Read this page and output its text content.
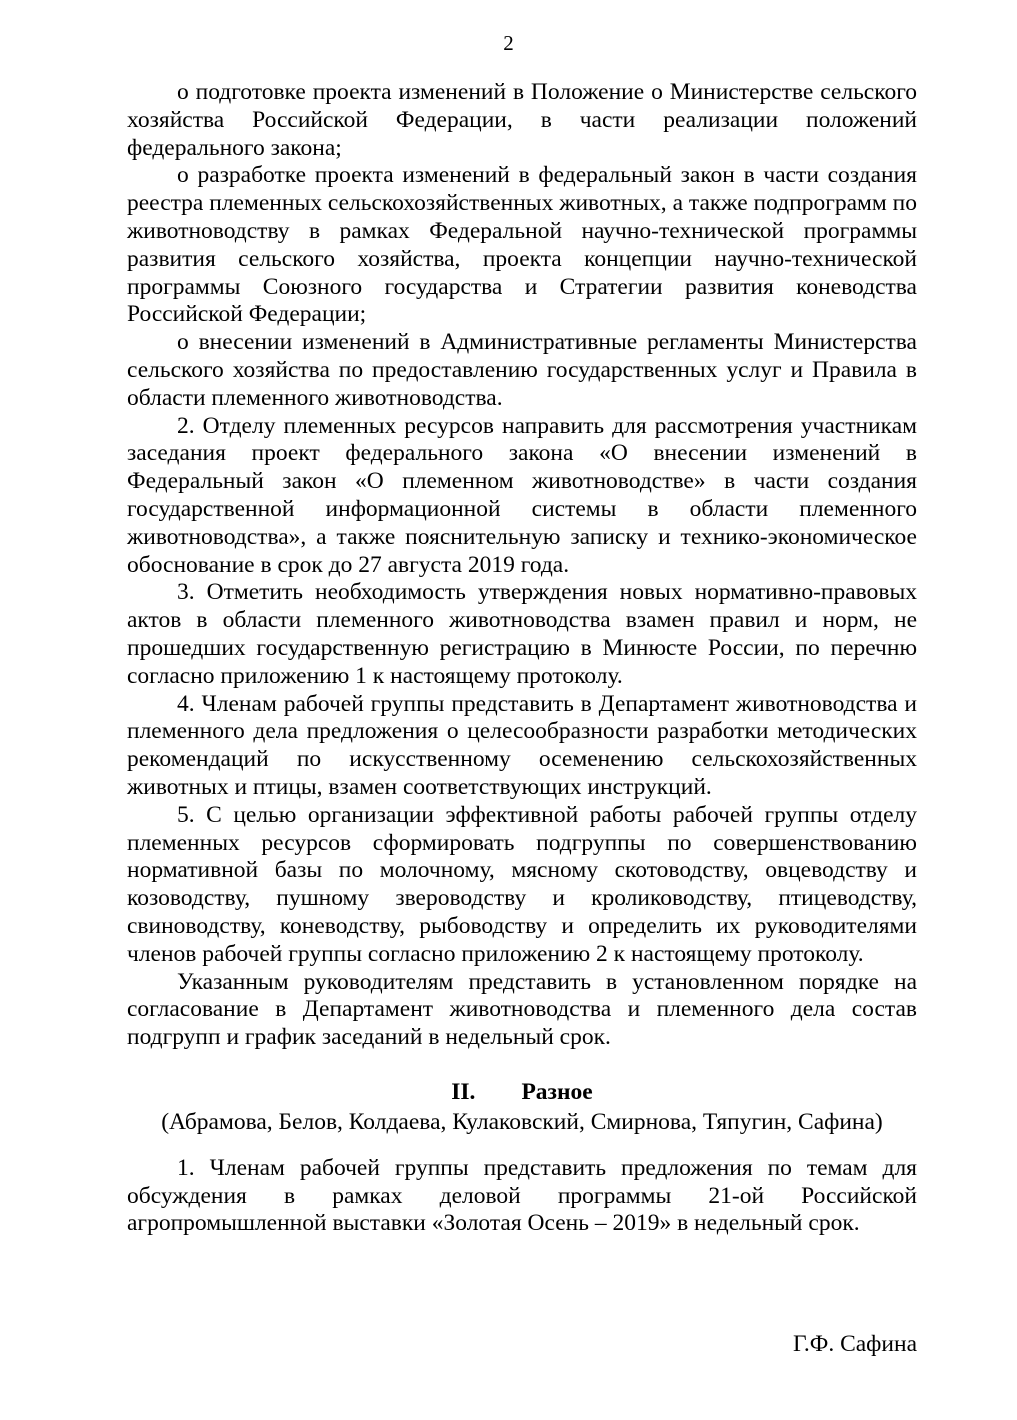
2

о подготовке проекта изменений в Положение о Министерстве сельского хозяйства Российской Федерации, в части реализации положений федерального закона;

о разработке проекта изменений в федеральный закон в части создания реестра племенных сельскохозяйственных животных, а также подпрограмм по животноводству в рамках Федеральной научно-технической программы развития сельского хозяйства, проекта концепции научно-технической программы Союзного государства и Стратегии развития коневодства Российской Федерации;

о внесении изменений в Административные регламенты Министерства сельского хозяйства по предоставлению государственных услуг и Правила в области племенного животноводства.

2. Отделу племенных ресурсов направить для рассмотрения участникам заседания проект федерального закона «О внесении изменений в Федеральный закон «О племенном животноводстве» в части создания государственной информационной системы в области племенного животноводства», а также пояснительную записку и технико-экономическое обоснование в срок до 27 августа 2019 года.

3. Отметить необходимость утверждения новых нормативно-правовых актов в области племенного животноводства взамен правил и норм, не прошедших государственную регистрацию в Минюсте России, по перечню согласно приложению 1 к настоящему протоколу.

4. Членам рабочей группы представить в Департамент животноводства и племенного дела предложения о целесообразности разработки методических рекомендаций по искусственному осеменению сельскохозяйственных животных и птицы, взамен соответствующих инструкций.

5. С целью организации эффективной работы рабочей группы отделу племенных ресурсов сформировать подгруппы по совершенствованию нормативной базы по молочному, мясному скотоводству, овцеводству и козоводству, пушному звероводству и кролиководству, птицеводству, свиноводству, коневодству, рыбоводству и определить их руководителями членов рабочей группы согласно приложению 2 к настоящему протоколу.

Указанным руководителям представить в установленном порядке на согласование в Департамент животноводства и племенного дела состав подгрупп и график заседаний в недельный срок.

II. Разное
(Абрамова, Белов, Колдаева, Кулаковский, Смирнова, Тяпугин, Сафина)

1. Членам рабочей группы представить предложения по темам для обсуждения в рамках деловой программы 21-ой Российской агропромышленной выставки «Золотая Осень – 2019» в недельный срок.

Г.Ф. Сафина
